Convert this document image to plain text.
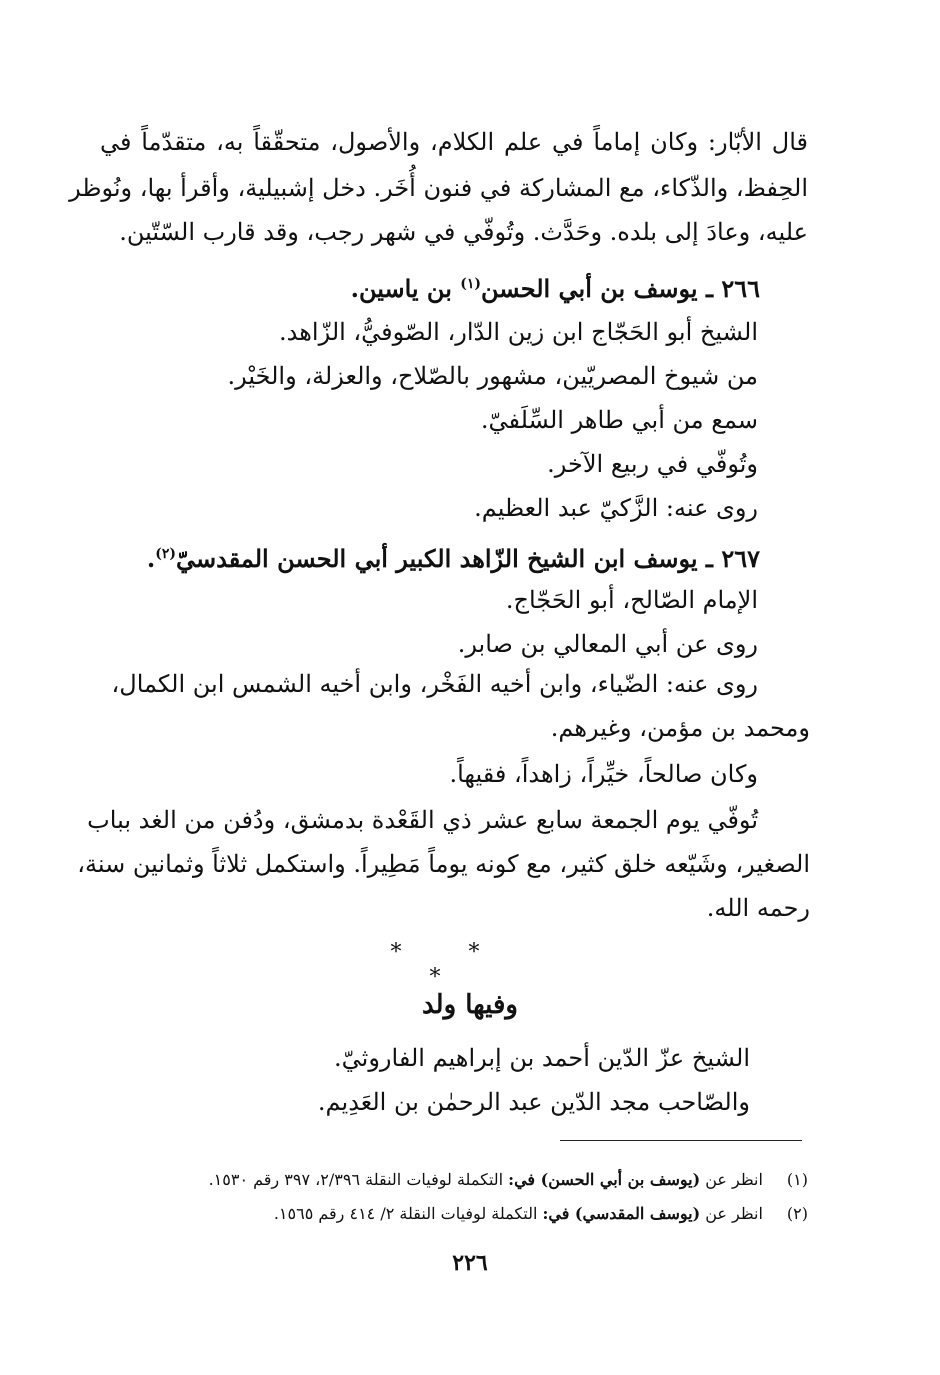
قال الأبّار: وكان إماماً في علم الكلام، والأصول، متحقّقاً به، متقدّماً في
الحِفظ، والذّكاء، مع المشاركة في فنون أُخَر. دخل إشبيلية، وأقرأ بها، ونُوظر
عليه، وعادَ إلى بلده. وحَدَّث. وتُوفّي في شهر رجب، وقد قارب السّتّين.
٢٦٦ ـ يوسف بن أبي الحسن$^{(١)}$ بن ياسين.
الشيخ أبو الحَجّاج ابن زين الدّار، الصّوفيُّ، الزّاهد.
من شيوخ المصريّين، مشهور بالصّلاح، والعزلة، والخَيْر.
سمع من أبي طاهر السِّلَفيّ.
وتُوفّي في ربيع الآخر.
روى عنه: الزَّكيّ عبد العظيم.
٢٦٧ ـ يوسف ابن الشيخ الزّاهد الكبير أبي الحسن المقدسيّ$^{(٢)}$.
الإمام الصّالح، أبو الحَجّاج.
روى عن أبي المعالي بن صابر.
روى عنه: الضّياء، وابن أخيه الفَخْر، وابن أخيه الشمس ابن الكمال،
ومحمد بن مؤمن، وغيرهم.
وكان صالحاً، خيِّراً، زاهداً، فقيهاً.
تُوفّي يوم الجمعة سابع عشر ذي القَعْدة بدمشق، ودُفن من الغد بباب
الصغير، وشَيّعه خلق كثير، مع كونه يوماً مَطِيراً. واستكمل ثلاثاً وثمانين سنة،
رحمه الله.
* * *
وفيها ولد
الشيخ عزّ الدّين أحمد بن إبراهيم الفاروثيّ.
والصّاحب مجد الدّين عبد الرحمٰن بن العَدِيم.
(١) انظر عن (يوسف بن أبي الحسن) في: التكملة لوفيات النقلة ٢/٣٩٦، ٣٩٧ رقم ١٥٣٠.
(٢) انظر عن (يوسف المقدسي) في: التكملة لوفيات النقلة ٢/ ٤١٤ رقم ١٥٦٥.
٢٢٦
